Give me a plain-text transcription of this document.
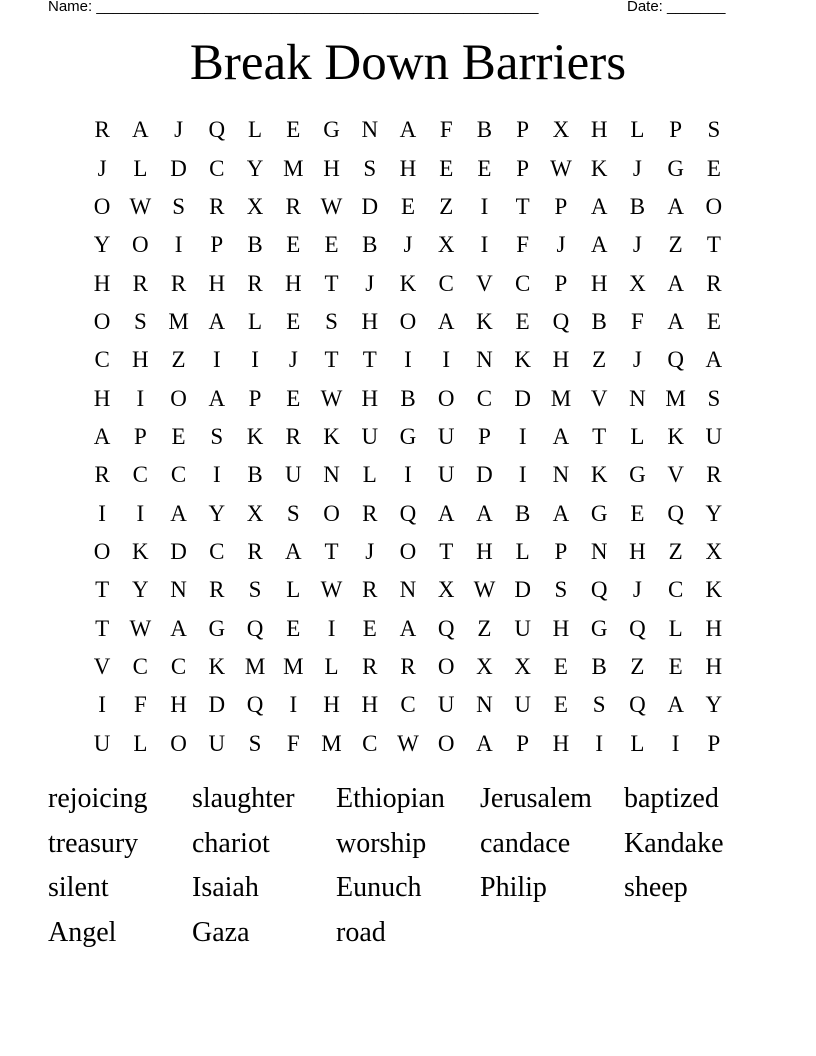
Name: _____________________________________________________	Date: _______
Break Down Barriers
R A	J	Q L	E G N A	F	B	P	X H L	P	S
J	L D C Y M H	S	H E	E	P W K	J	G E
O W S	R X R W D E	Z	I	T	P	A B A O
Y O	I	P	B	E	E	B	J	X	I	F	J	A	J	Z	T
H R R H R H T	J	K C V C	P	H X A R
O	S M A L	E	S	H O A K E Q B	F	A E
C H Z	I	I	J	T	T	I	I	N K H Z	J	Q A
H	I	O A	P	E W H B O C D M V N M S
A	P	E	S	K R K U G U	P	I	A T	L K U
R C C	I	B U N L	I	U D	I	N K G V R
I	I	A Y X	S	O R Q A A B A G E Q Y
O K D C R A T	J	O T H L	P	N H Z X
T Y N R	S	L W R N X W D	S	Q	J	C K
T W A G Q E	I	E A Q Z U H G Q L H
V C C K M M L	R R O X X E	B	Z	E H
I	F	H D Q	I	H H C U N U E	S	Q A Y
U L O U	S	F M C W O A	P	H	I	L	I	P
rejoicing	slaughter	Ethiopian	Jerusalem	baptized
treasury	chariot	worship	candace	Kandake
silent	Isaiah	Eunuch	Philip	sheep
Angel	Gaza	road
